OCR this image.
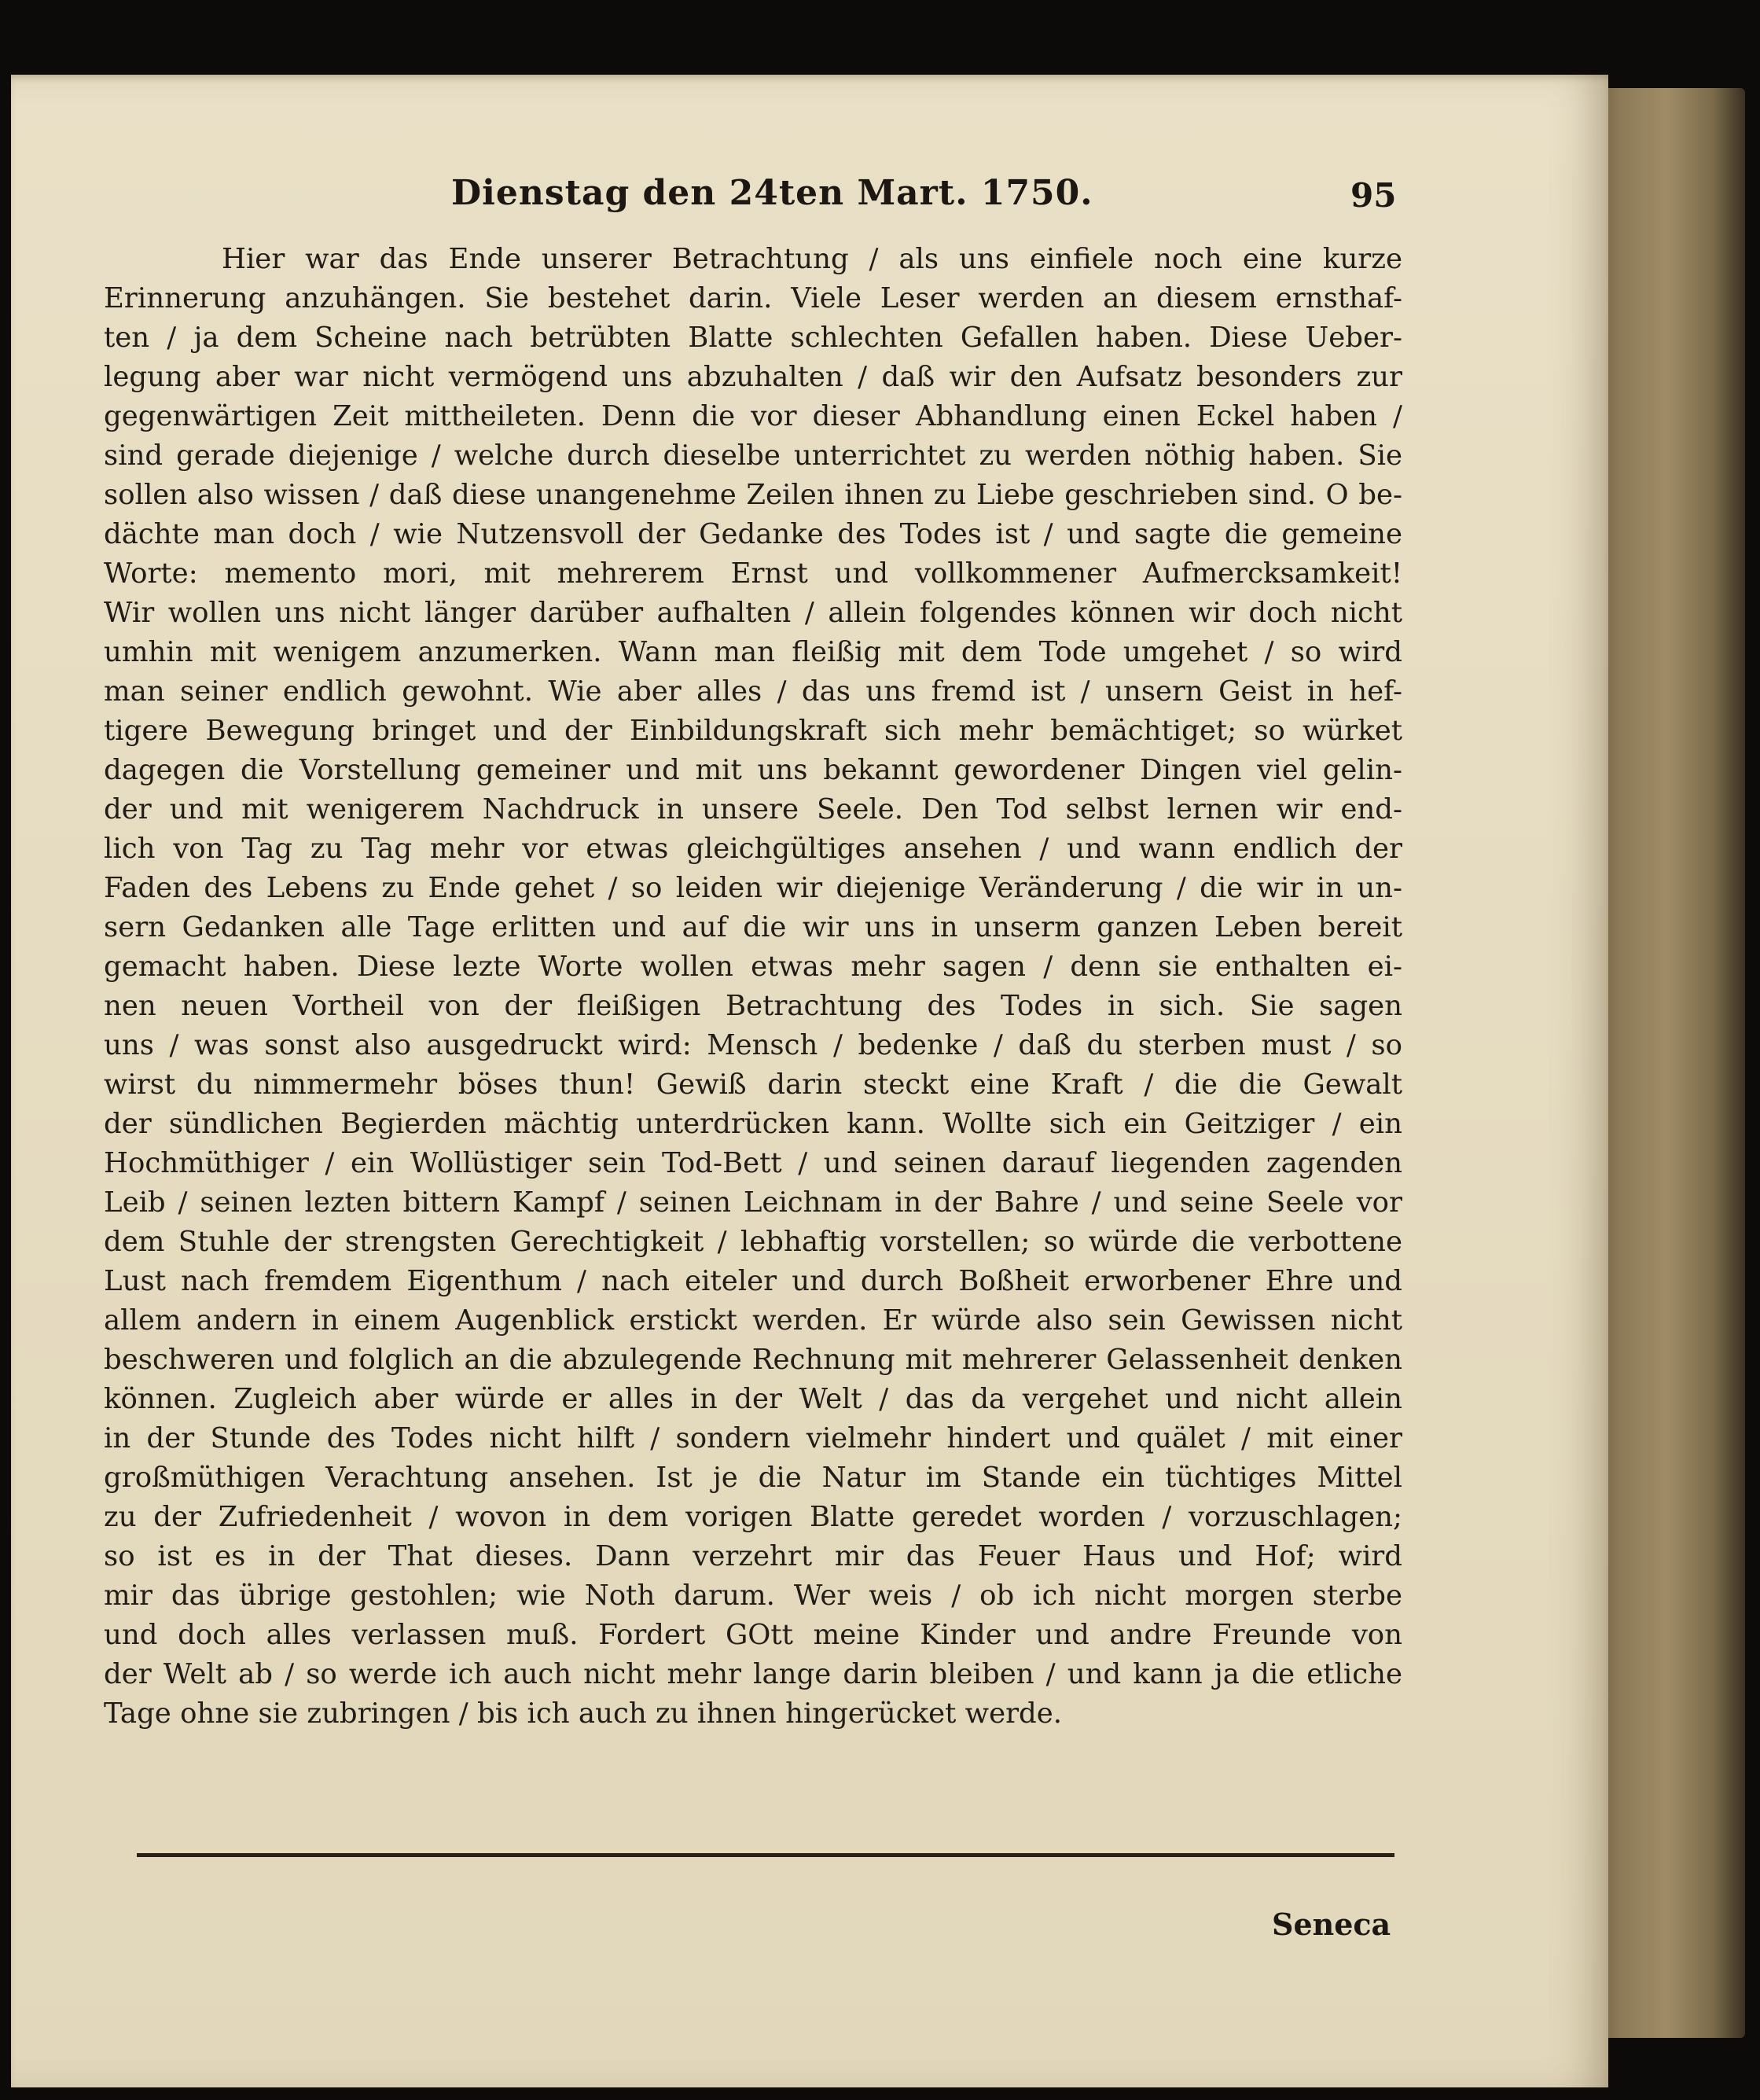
Dienstag den 24ten Mart. 1750.	95
Hier war das Ende unserer Betrachtung / als uns einfiele noch eine kurze
Erinnerung anzuhängen. Sie bestehet darin. Viele Leser werden an diesem ernsthaf-
ten / ja dem Scheine nach betrübten Blatte schlechten Gefallen haben. Diese Ueber-
legung aber war nicht vermögend uns abzuhalten / daß wir den Aufsatz besonders zur
gegenwärtigen Zeit mittheileten. Denn die vor dieser Abhandlung einen Eckel haben /
sind gerade diejenige / welche durch dieselbe unterrichtet zu werden nöthig haben. Sie
sollen also wissen / daß diese unangenehme Zeilen ihnen zu Liebe geschrieben sind. O be-
dächte man doch / wie Nutzensvoll der Gedanke des Todes ist / und sagte die gemeine
Worte: memento mori, mit mehrerem Ernst und vollkommener Aufmercksamkeit!
Wir wollen uns nicht länger darüber aufhalten / allein folgendes können wir doch nicht
umhin mit wenigem anzumerken. Wann man fleißig mit dem Tode umgehet / so wird
man seiner endlich gewohnt. Wie aber alles / das uns fremd ist / unsern Geist in hef-
tigere Bewegung bringet und der Einbildungskraft sich mehr bemächtiget; so würket
dagegen die Vorstellung gemeiner und mit uns bekannt gewordener Dingen viel gelin-
der und mit wenigerem Nachdruck in unsere Seele. Den Tod selbst lernen wir end-
lich von Tag zu Tag mehr vor etwas gleichgültiges ansehen / und wann endlich der
Faden des Lebens zu Ende gehet / so leiden wir diejenige Veränderung / die wir in un-
sern Gedanken alle Tage erlitten und auf die wir uns in unserm ganzen Leben bereit
gemacht haben. Diese lezte Worte wollen etwas mehr sagen / denn sie enthalten ei-
nen neuen Vortheil von der fleißigen Betrachtung des Todes in sich. Sie sagen
uns / was sonst also ausgedruckt wird: Mensch / bedenke / daß du sterben must / so
wirst du nimmermehr böses thun! Gewiß darin steckt eine Kraft / die die Gewalt
der sündlichen Begierden mächtig unterdrücken kann. Wollte sich ein Geitziger / ein
Hochmüthiger / ein Wollüstiger sein Tod-Bett / und seinen darauf liegenden zagenden
Leib / seinen lezten bittern Kampf / seinen Leichnam in der Bahre / und seine Seele vor
dem Stuhle der strengsten Gerechtigkeit / lebhaftig vorstellen; so würde die verbottene
Lust nach fremdem Eigenthum / nach eiteler und durch Boßheit erworbener Ehre und
allem andern in einem Augenblick erstickt werden. Er würde also sein Gewissen nicht
beschweren und folglich an die abzulegende Rechnung mit mehrerer Gelassenheit denken
können. Zugleich aber würde er alles in der Welt / das da vergehet und nicht allein
in der Stunde des Todes nicht hilft / sondern vielmehr hindert und quälet / mit einer
großmüthigen Verachtung ansehen. Ist je die Natur im Stande ein tüchtiges Mittel
zu der Zufriedenheit / wovon in dem vorigen Blatte geredet worden / vorzuschlagen;
so ist es in der That dieses. Dann verzehrt mir das Feuer Haus und Hof; wird
mir das übrige gestohlen; wie Noth darum. Wer weis / ob ich nicht morgen sterbe
und doch alles verlassen muß. Fordert GOtt meine Kinder und andre Freunde von
der Welt ab / so werde ich auch nicht mehr lange darin bleiben / und kann ja die etliche
Tage ohne sie zubringen / bis ich auch zu ihnen hingerücket werde.
Seneca
